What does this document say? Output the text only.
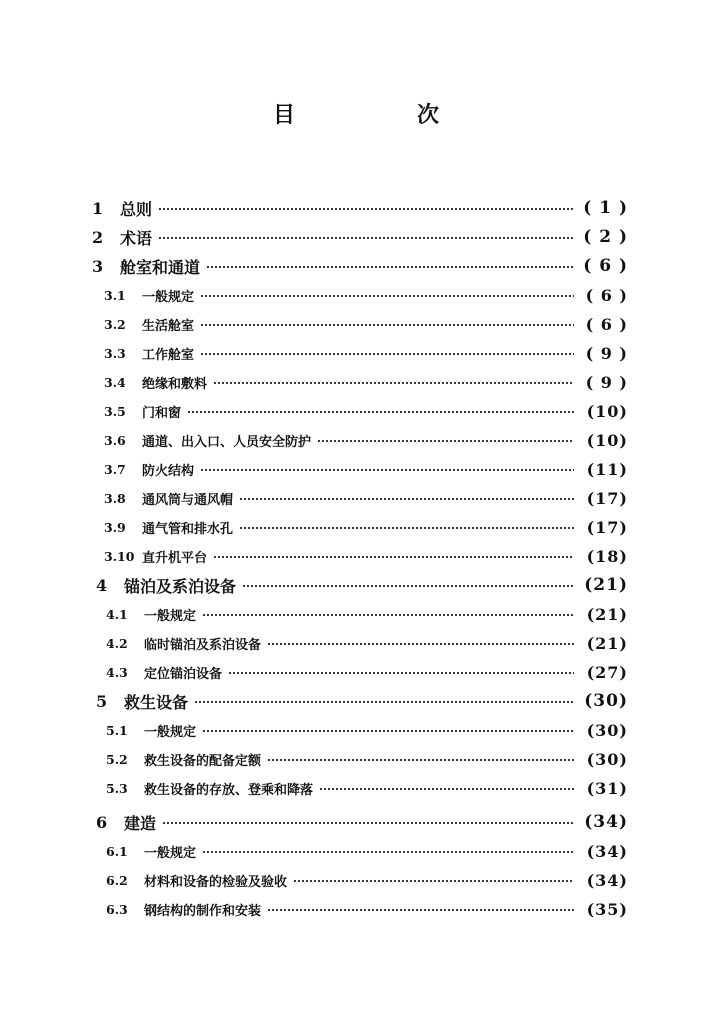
目　次
1	总则	( 1 )
2	术语	( 2 )
3	舱室和通道	( 6 )
3.1	一般规定	( 6 )
3.2	生活舱室	( 6 )
3.3	工作舱室	( 9 )
3.4	绝缘和敷料	( 9 )
3.5	门和窗	(10)
3.6	通道、出入口、人员安全防护	(10)
3.7	防火结构	(11)
3.8	通风筒与通风帽	(17)
3.9	通气管和排水孔	(17)
3.10 直升机平台	(18)
4	锚泊及系泊设备	(21)
4.1	一般规定	(21)
4.2	临时锚泊及系泊设备	(21)
4.3	定位锚泊设备	(27)
5	救生设备	(30)
5.1	一般规定	(30)
5.2	救生设备的配备定额	(30)
5.3	救生设备的存放、登乘和降落	(31)
6	建造	(34)
6.1	一般规定	(34)
6.2	材料和设备的检验及验收	(34)
6.3	钢结构的制作和安装	(35)
